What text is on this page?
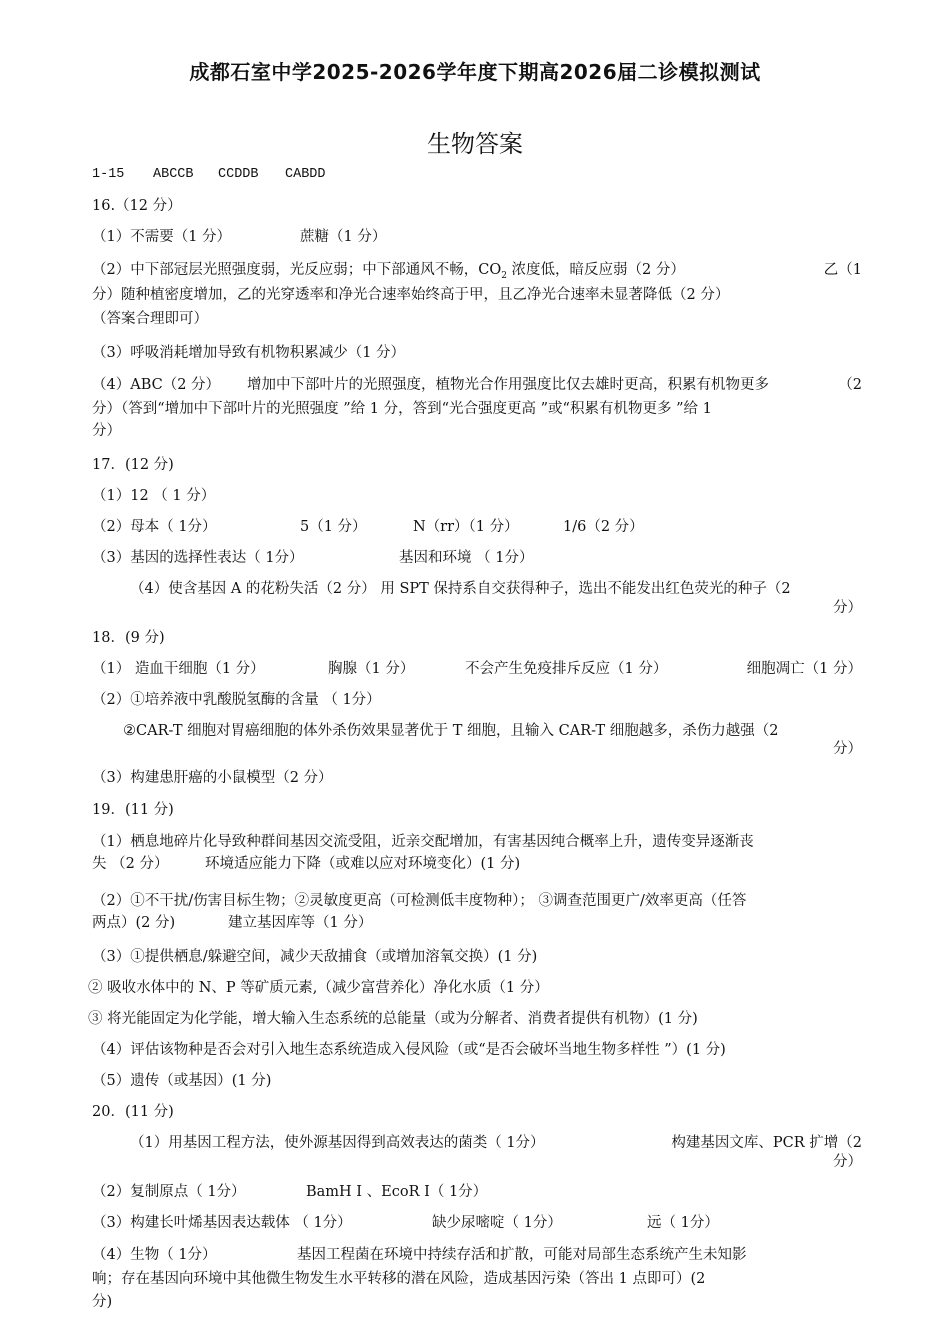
成都石室中学2025-2026学年度下期高2026届二诊模拟测试
生物答案
1-15 ABCCB CCDDB CABDD
16.（12 分）
（1）不需要（1 分）	蔗糖（1 分）
（2）中下部冠层光照强度弱，光反应弱；中下部通风不畅，$CO_2$ 浓度低，暗反应弱（2 分）	乙（1
分）随种植密度增加，乙的光穿透率和净光合速率始终高于甲，且乙净光合速率未显著降低（2 分）
（答案合理即可）
（3）呼吸消耗增加导致有机物积累减少（1 分）
（4）ABC（2 分） 增加中下部叶片的光照强度，植物光合作用强度比仅去雄时更高，积累有机物更多	（2
分）（答到“增加中下部叶片的光照强度 ”给 1 分，答到“光合强度更高 ”或“积累有机物更多 ”给 1
分）
17．(12 分)
（1）12 （ 1 分）
（2）母本（ 1分）	5（1 分）	N（rr）（1 分）	1/6（2 分）
（3）基因的选择性表达（ 1分）	基因和环境 （ 1分）
（4）使含基因 A 的花粉失活（2 分） 用 SPT 保持系自交获得种子，选出不能发出红色荧光的种子（2
分）
18．(9 分)
（1） 造血干细胞（1 分）	胸腺（1 分）	不会产生免疫排斥反应（1 分）	细胞凋亡（1 分）
（2）①培养液中乳酸脱氢酶的含量 （ 1分）
②CAR-T 细胞对胃癌细胞的体外杀伤效果显著优于 T 细胞，且输入 CAR-T 细胞越多，杀伤力越强（2
分）
（3）构建患肝癌的小鼠模型（2 分）
19．(11 分)
（1）栖息地碎片化导致种群间基因交流受阻，近亲交配增加，有害基因纯合概率上升，遗传变异逐渐丧
失 （2 分）	环境适应能力下降（或难以应对环境变化）(1 分)
（2）①不干扰/伤害目标生物；②灵敏度更高（可检测低丰度物种）； ③调查范围更广/效率更高（任答
两点）(2 分)	建立基因库等（1 分）
（3）①提供栖息/躲避空间，减少天敌捕食（或增加溶氧交换）(1 分)
② 吸收水体中的 N、P 等矿质元素,（减少富营养化）净化水质（1 分）
③ 将光能固定为化学能，增大输入生态系统的总能量（或为分解者、消费者提供有机物）(1 分)
（4）评估该物种是否会对引入地生态系统造成入侵风险（或“是否会破坏当地生物多样性 ”）(1 分)
（5）遗传（或基因）(1 分)
20．(11 分)
（1）用基因工程方法，使外源基因得到高效表达的菌类（ 1分）	构建基因文库、PCR 扩增（2
分）
（2）复制原点（ 1分）	BamH I 、EcoR I（ 1分）
（3）构建长叶烯基因表达载体 （ 1分）	缺少尿嘧啶（ 1分）	远（ 1分）
（4）生物（ 1分）	基因工程菌在环境中持续存活和扩散，可能对局部生态系统产生未知影
响；存在基因向环境中其他微生物发生水平转移的潜在风险，造成基因污染（答出 1 点即可）(2
分)
